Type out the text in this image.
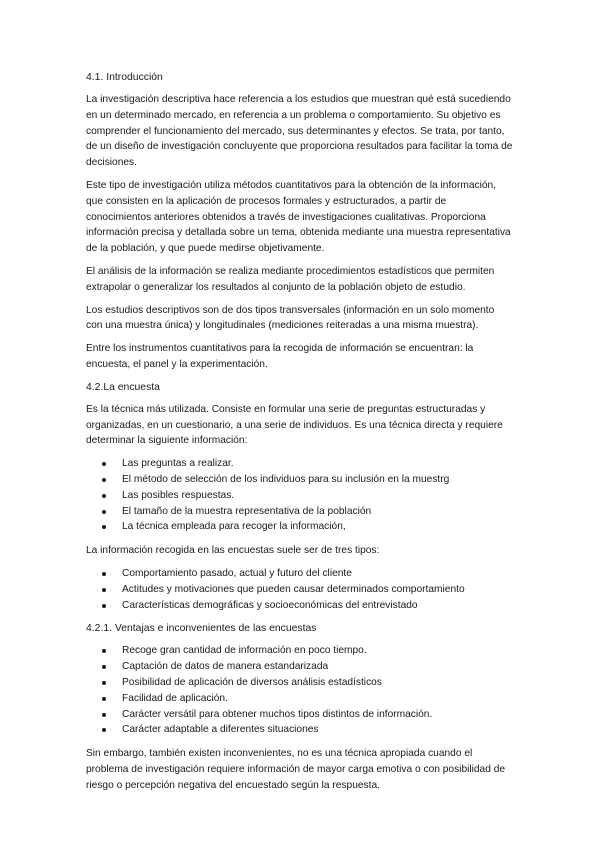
4.1. Introducción

La investigación descriptiva hace referencia a los estudios que muestran qué está sucediendo en un determinado mercado, en referencia a un problema o comportamiento. Su objetivo es comprender el funcionamiento del mercado, sus determinantes y efectos. Se trata, por tanto, de un diseño de investigación concluyente que proporciona resultados para facilitar la toma de decisiones.

Este tipo de investigación utiliza métodos cuantitativos para la obtención de la información, que consisten en la aplicación de procesos formales y estructurados, a partir de conocimientos anteriores obtenidos a través de investigaciones cualitativas. Proporciona información precisa y detallada sobre un tema, obtenida mediante una muestra representativa de la población, y que puede medirse objetivamente.

El análisis de la información se realiza mediante procedimientos estadísticos que permiten extrapolar o generalizar los resultados al conjunto de la población objeto de estudio.

Los estudios descriptivos son de dos tipos transversales (información en un solo momento con una muestra única) y longitudinales (mediciones reiteradas a una misma muestra).

Entre los instrumentos cuantitativos para la recogida de información se encuentran: la encuesta, el panel y la experimentación.

4.2.La encuesta

Es la técnica más utilizada. Consiste en formular una serie de preguntas estructuradas y organizadas, en un cuestionario, a una serie de individuos. Es una técnica directa y requiere determinar la siguiente información:

Las preguntas a realizar.
El método de selección de los individuos para su inclusión en la muestrg
Las posibles respuestas.
El tamaño de la muestra representativa de la población
La técnica empleada para recoger la información,

La información recogida en las encuestas suele ser de tres tipos:

Comportamiento pasado, actual y futuro del cliente
Actitudes y motivaciones que pueden causar determinados comportamiento
Características demográficas y socioeconómicas del entrevistado
4.2.1. Ventajas e inconvenientes de las encuestas
Recoge gran cantidad de información en poco tiempo.
Captación de datos de manera estandarizada
Posibilidad de aplicación de diversos análisis estadísticos
Facilidad de aplicación.
Carácter versátil para obtener muchos tipos distintos de información.
Carácter adaptable a diferentes situaciones

Sin embargo, también existen inconvenientes, no es una técnica apropiada cuando el problema de investigación requiere información de mayor carga emotiva o con posibilidad de riesgo o percepción negativa del encuestado según la respuesta.
